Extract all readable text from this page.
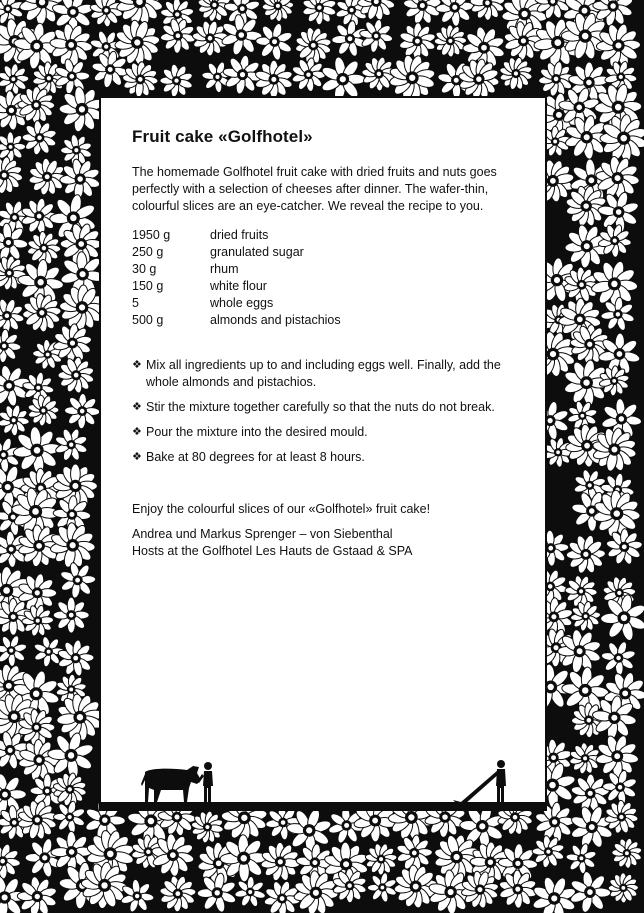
Fruit cake «Golfhotel»

The homemade Golfhotel fruit cake with dried fruits and nuts goes perfectly with a selection of cheeses after dinner. The wafer-thin, colourful slices are an eye-catcher. We reveal the recipe to you.

1950 g	dried fruits
250 g	granulated sugar
30 g	rhum
150 g	white flour
5	whole eggs
500 g	almonds and pistachios
❖ Mix all ingredients up to and including eggs well. Finally, add the whole almonds and pistachios.
❖ Stir the mixture together carefully so that the nuts do not break.
❖ Pour the mixture into the desired mould.
❖ Bake at 80 degrees for at least 8 hours.

Enjoy the colourful slices of our «Golfhotel» fruit cake!

Andrea und Markus Sprenger – von Siebenthal

Hosts at the Golfhotel Les Hauts de Gstaad & SPA
